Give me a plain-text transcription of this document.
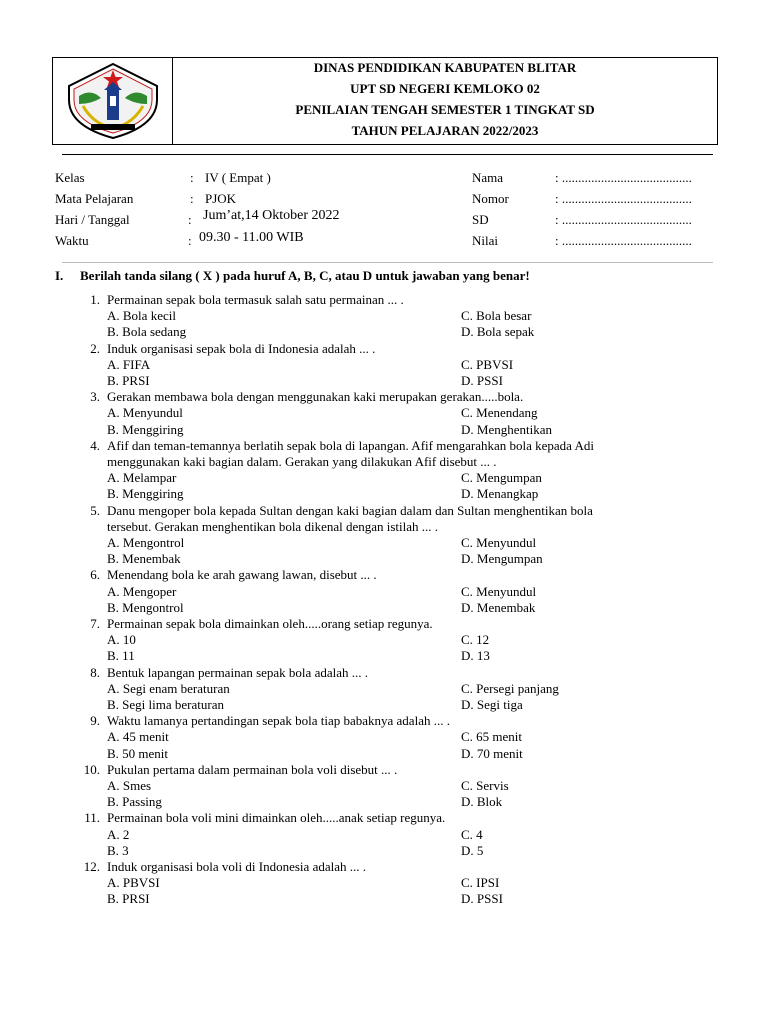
DINAS PENDIDIKAN KABUPATEN BLITAR
UPT SD NEGERI KEMLOKO 02
PENILAIAN TENGAH SEMESTER 1 TINGKAT SD
TAHUN PELAJARAN 2022/2023
Kelas	: IV ( Empat )
Mata Pelajaran	: PJOK
Hari / Tanggal	: Jum’at,14 Oktober 2022
Waktu	: 09.30 - 11.00 WIB
Nama	: ........................................
Nomor	: ........................................
SD	: ........................................
Nilai	: ........................................
I. Berilah tanda silang ( X ) pada huruf A, B, C, atau D untuk jawaban yang benar!
1. Permainan sepak bola termasuk salah satu permainan ... .
A. Bola kecil	C. Bola besar
B. Bola sedang	D. Bola sepak
2. Induk organisasi sepak bola di Indonesia adalah ... .
A. FIFA	C. PBVSI
B. PRSI	D. PSSI
3. Gerakan membawa bola dengan menggunakan kaki merupakan gerakan.....bola.
A. Menyundul	C. Menendang
B. Menggiring	D. Menghentikan
4. Afif dan teman-temannya berlatih sepak bola di lapangan. Afif mengarahkan bola kepada Adi
menggunakan kaki bagian dalam. Gerakan yang dilakukan Afif disebut ... .
A. Melampar	C. Mengumpan
B. Menggiring	D. Menangkap
5. Danu mengoper bola kepada Sultan dengan kaki bagian dalam dan Sultan menghentikan bola
tersebut. Gerakan menghentikan bola dikenal dengan istilah ... .
A. Mengontrol	C. Menyundul
B. Menembak	D. Mengumpan
6. Menendang bola ke arah gawang lawan, disebut ... .
A. Mengoper	C. Menyundul
B. Mengontrol	D. Menembak
7. Permainan sepak bola dimainkan oleh.....orang setiap regunya.
A. 10	C. 12
B. 11	D. 13
8. Bentuk lapangan permainan sepak bola adalah ... .
A. Segi enam beraturan	C. Persegi panjang
B. Segi lima beraturan	D. Segi tiga
9. Waktu lamanya pertandingan sepak bola tiap babaknya adalah ... .
A. 45 menit	C. 65 menit
B. 50 menit	D. 70 menit
10. Pukulan pertama dalam permainan bola voli disebut ... .
A. Smes	C. Servis
B. Passing	D. Blok
11. Permainan bola voli mini dimainkan oleh.....anak setiap regunya.
A. 2	C. 4
B. 3	D. 5
12. Induk organisasi bola voli di Indonesia adalah ... .
A. PBVSI	C. IPSI
B. PRSI	D. PSSI
